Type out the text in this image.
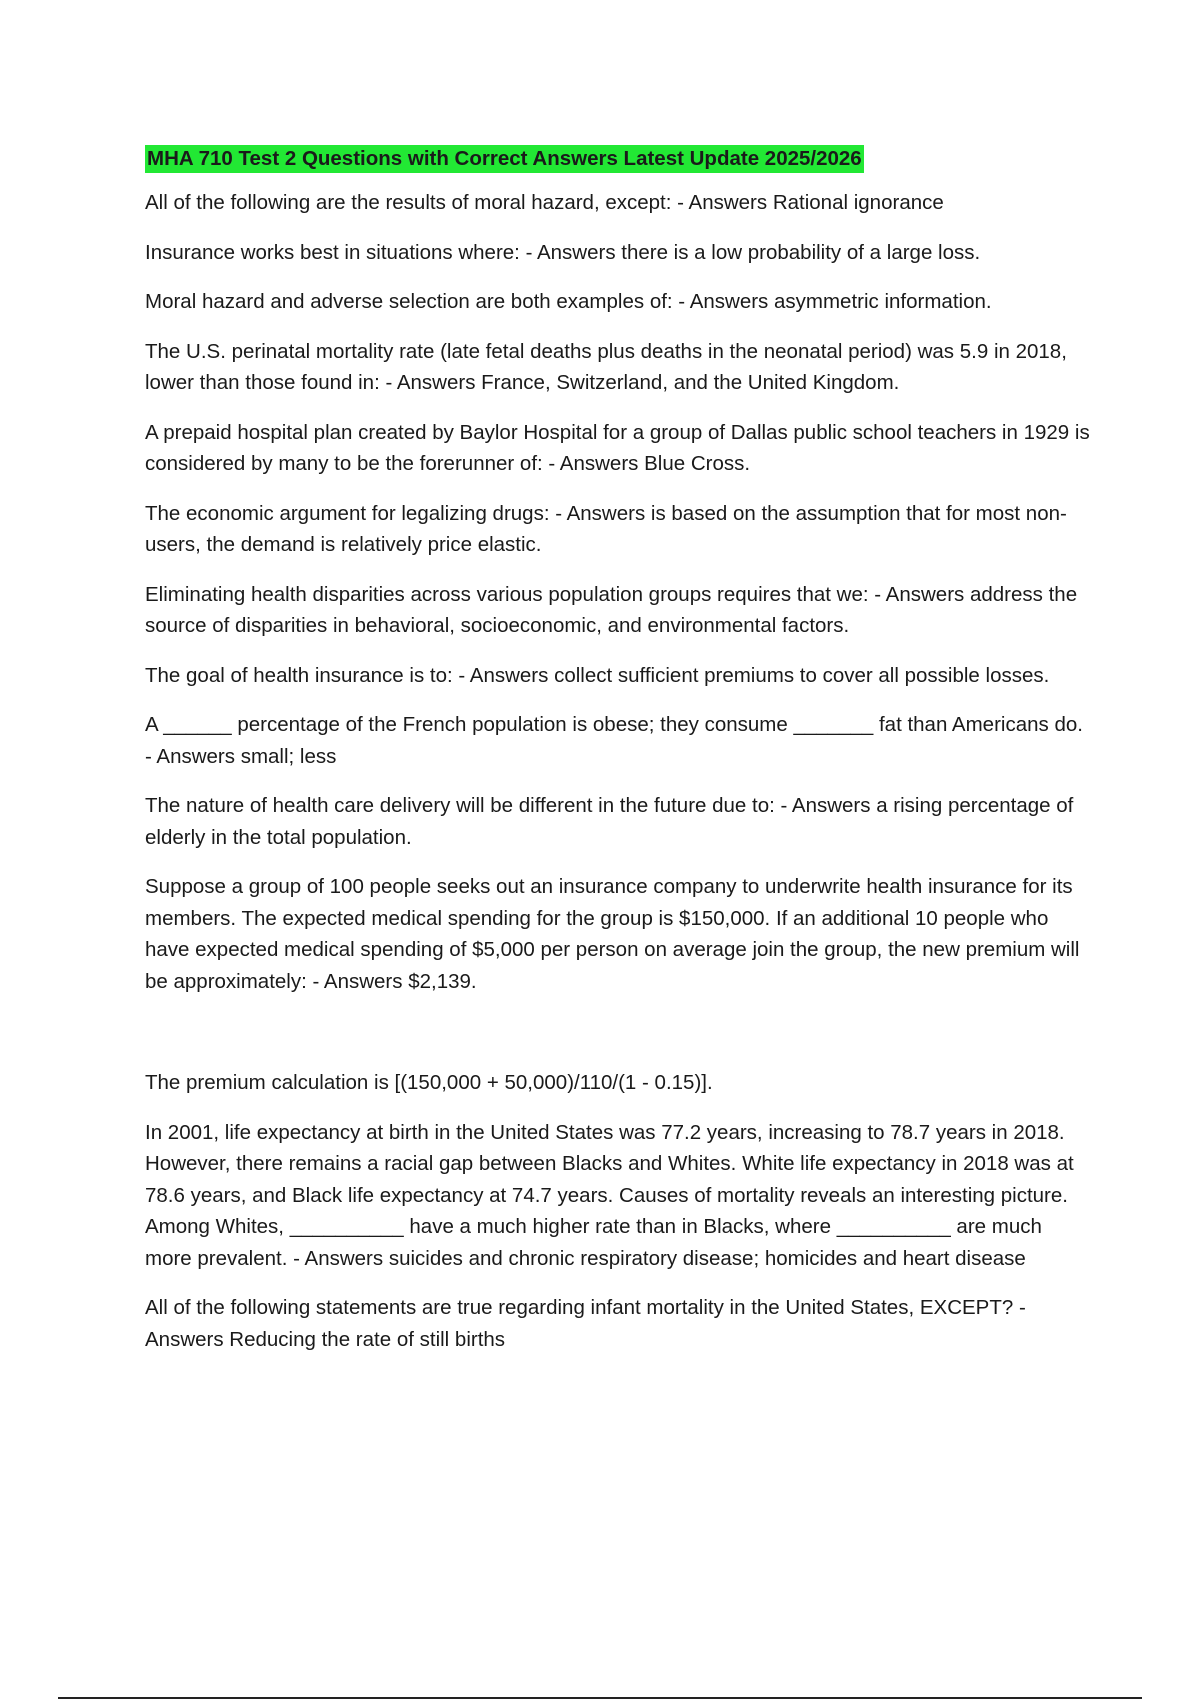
MHA 710 Test 2 Questions with Correct Answers Latest Update 2025/2026

All of the following are the results of moral hazard, except: - Answers Rational ignorance

Insurance works best in situations where: - Answers there is a low probability of a large loss.

Moral hazard and adverse selection are both examples of: - Answers asymmetric information.

The U.S. perinatal mortality rate (late fetal deaths plus deaths in the neonatal period) was 5.9 in 2018, lower than those found in: - Answers France, Switzerland, and the United Kingdom.

A prepaid hospital plan created by Baylor Hospital for a group of Dallas public school teachers in 1929 is considered by many to be the forerunner of: - Answers Blue Cross.

The economic argument for legalizing drugs: - Answers is based on the assumption that for most non-users, the demand is relatively price elastic.

Eliminating health disparities across various population groups requires that we: - Answers address the source of disparities in behavioral, socioeconomic, and environmental factors.

The goal of health insurance is to: - Answers collect sufficient premiums to cover all possible losses.

A ______ percentage of the French population is obese; they consume _______ fat than Americans do. - Answers small; less

The nature of health care delivery will be different in the future due to: - Answers a rising percentage of elderly in the total population.

Suppose a group of 100 people seeks out an insurance company to underwrite health insurance for its members. The expected medical spending for the group is $150,000. If an additional 10 people who have expected medical spending of $5,000 per person on average join the group, the new premium will be approximately: - Answers $2,139.

The premium calculation is [(150,000 + 50,000)/110/(1 - 0.15)].

In 2001, life expectancy at birth in the United States was 77.2 years, increasing to 78.7 years in 2018. However, there remains a racial gap between Blacks and Whites. White life expectancy in 2018 was at 78.6 years, and Black life expectancy at 74.7 years. Causes of mortality reveals an interesting picture. Among Whites, __________ have a much higher rate than in Blacks, where __________ are much more prevalent. - Answers suicides and chronic respiratory disease; homicides and heart disease

All of the following statements are true regarding infant mortality in the United States, EXCEPT? - Answers Reducing the rate of still births
